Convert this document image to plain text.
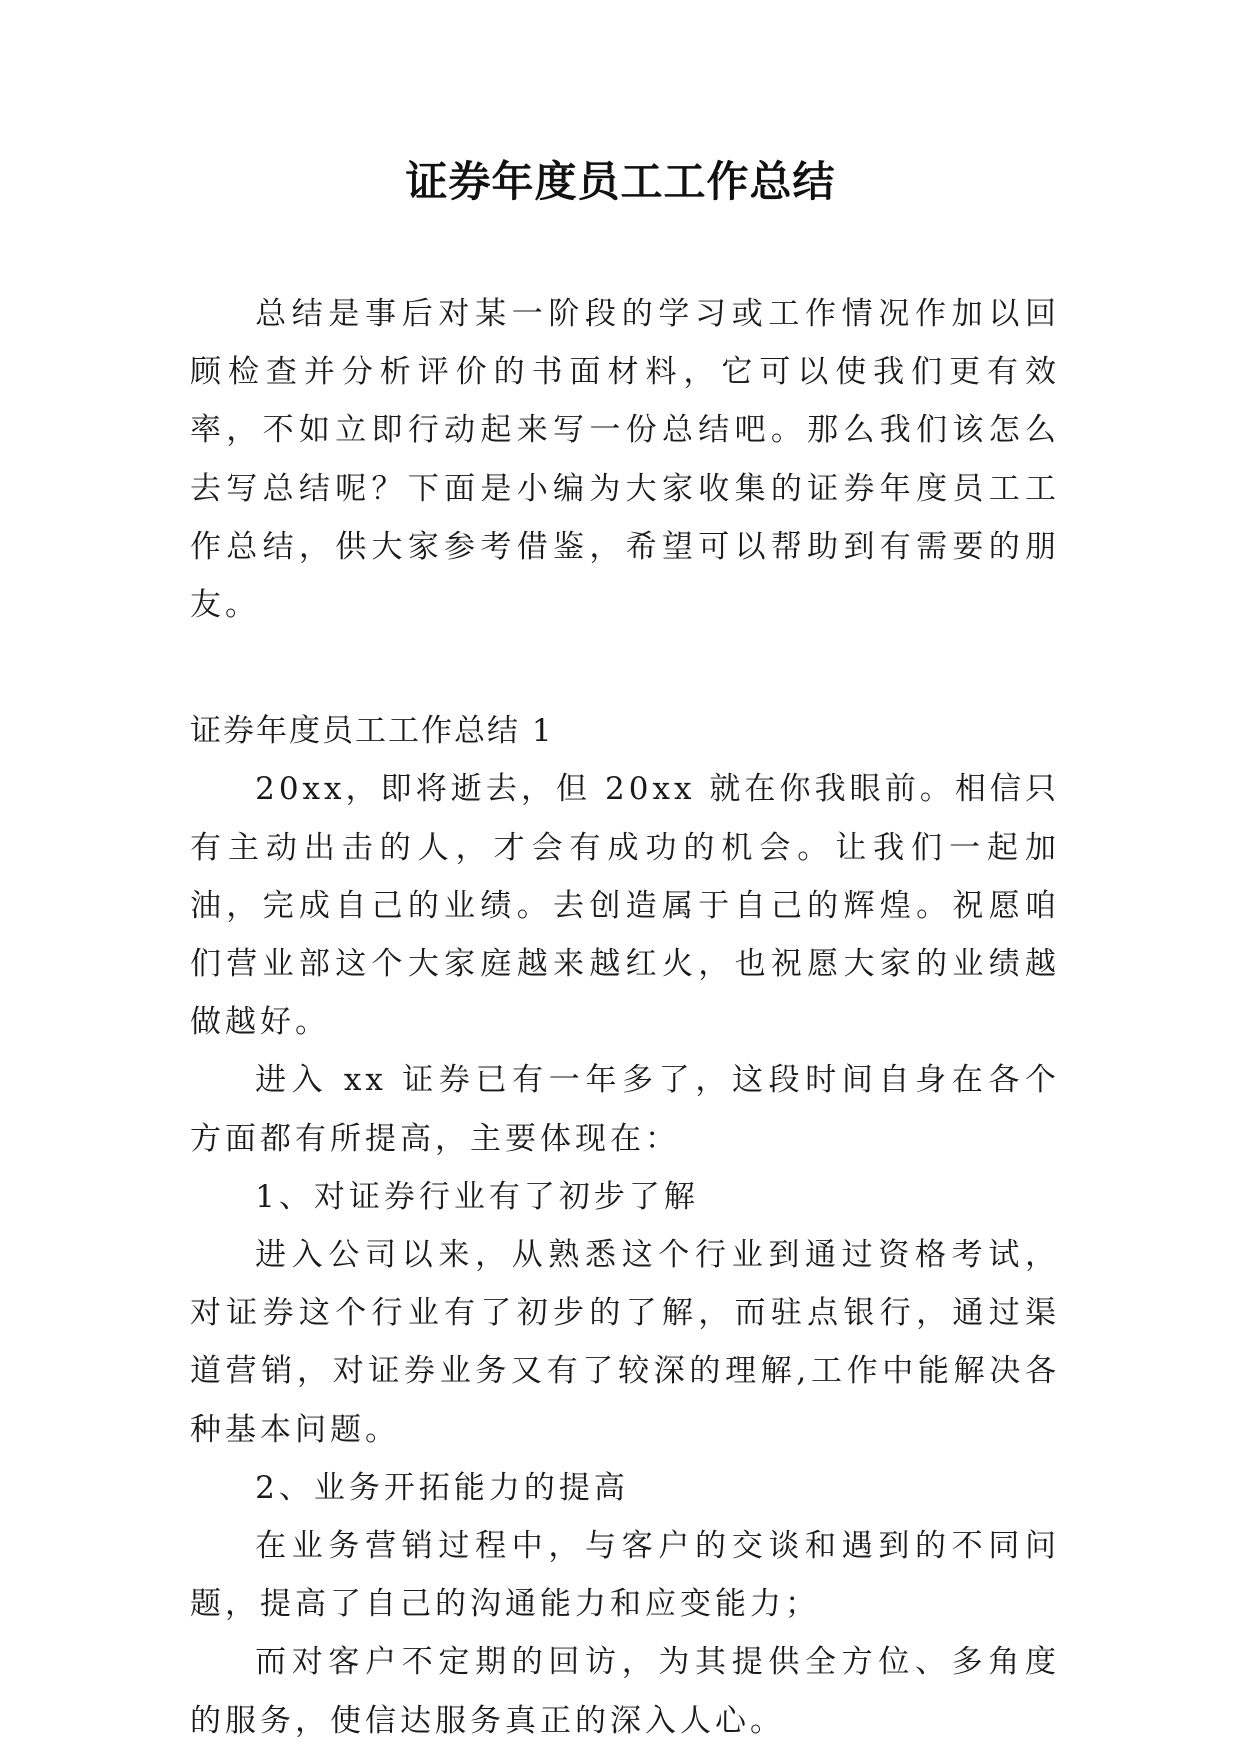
证券年度员工工作总结

总结是事后对某一阶段的学习或工作情况作加以回顾检查并分析评价的书面材料，它可以使我们更有效率，不如立即行动起来写一份总结吧。那么我们该怎么去写总结呢？下面是小编为大家收集的证券年度员工工作总结，供大家参考借鉴，希望可以帮助到有需要的朋友。

证券年度员工工作总结 1

20xx，即将逝去，但 20xx 就在你我眼前。相信只有主动出击的人，才会有成功的机会。让我们一起加油，完成自己的业绩。去创造属于自己的辉煌。祝愿咱们营业部这个大家庭越来越红火，也祝愿大家的业绩越做越好。

进入 xx 证券已有一年多了，这段时间自身在各个方面都有所提高，主要体现在：

1、对证券行业有了初步了解

进入公司以来，从熟悉这个行业到通过资格考试，对证券这个行业有了初步的了解，而驻点银行，通过渠道营销，对证券业务又有了较深的理解,工作中能解决各种基本问题。

2、业务开拓能力的提高

在业务营销过程中，与客户的交谈和遇到的不同问题，提高了自己的沟通能力和应变能力；

而对客户不定期的回访，为其提供全方位、多角度的服务，使信达服务真正的深入人心。
